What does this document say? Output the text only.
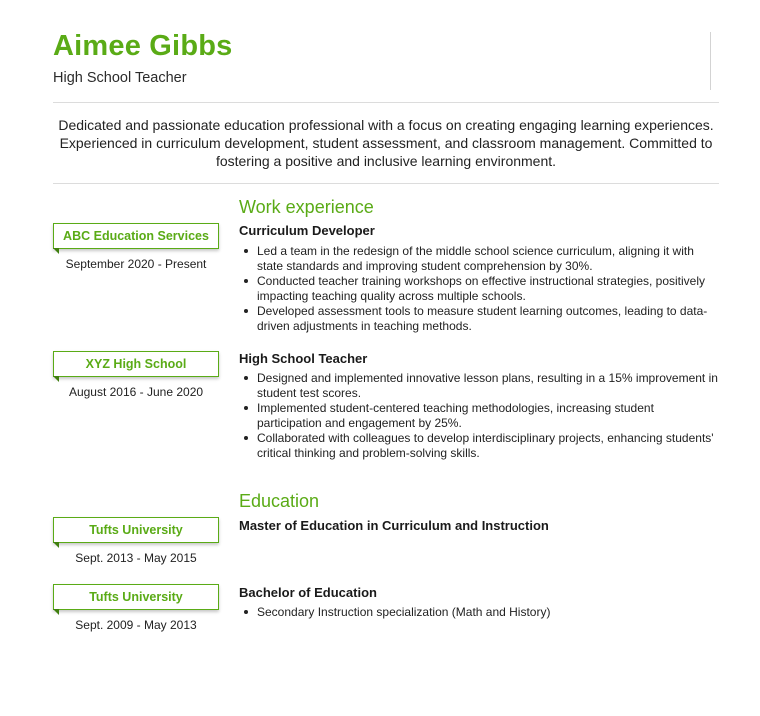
Aimee Gibbs
High School Teacher
Dedicated and passionate education professional with a focus on creating engaging learning experiences. Experienced in curriculum development, student assessment, and classroom management. Committed to fostering a positive and inclusive learning environment.
Work experience
ABC Education Services
September 2020 - Present
Curriculum Developer
Led a team in the redesign of the middle school science curriculum, aligning it with state standards and improving student comprehension by 30%.
Conducted teacher training workshops on effective instructional strategies, positively impacting teaching quality across multiple schools.
Developed assessment tools to measure student learning outcomes, leading to data-driven adjustments in teaching methods.
XYZ High School
August 2016 - June 2020
High School Teacher
Designed and implemented innovative lesson plans, resulting in a 15% improvement in student test scores.
Implemented student-centered teaching methodologies, increasing student participation and engagement by 25%.
Collaborated with colleagues to develop interdisciplinary projects, enhancing students' critical thinking and problem-solving skills.
Education
Tufts University
Sept. 2013 - May 2015
Master of Education in Curriculum and Instruction
Tufts University
Sept. 2009 - May 2013
Bachelor of Education
Secondary Instruction specialization (Math and History)
